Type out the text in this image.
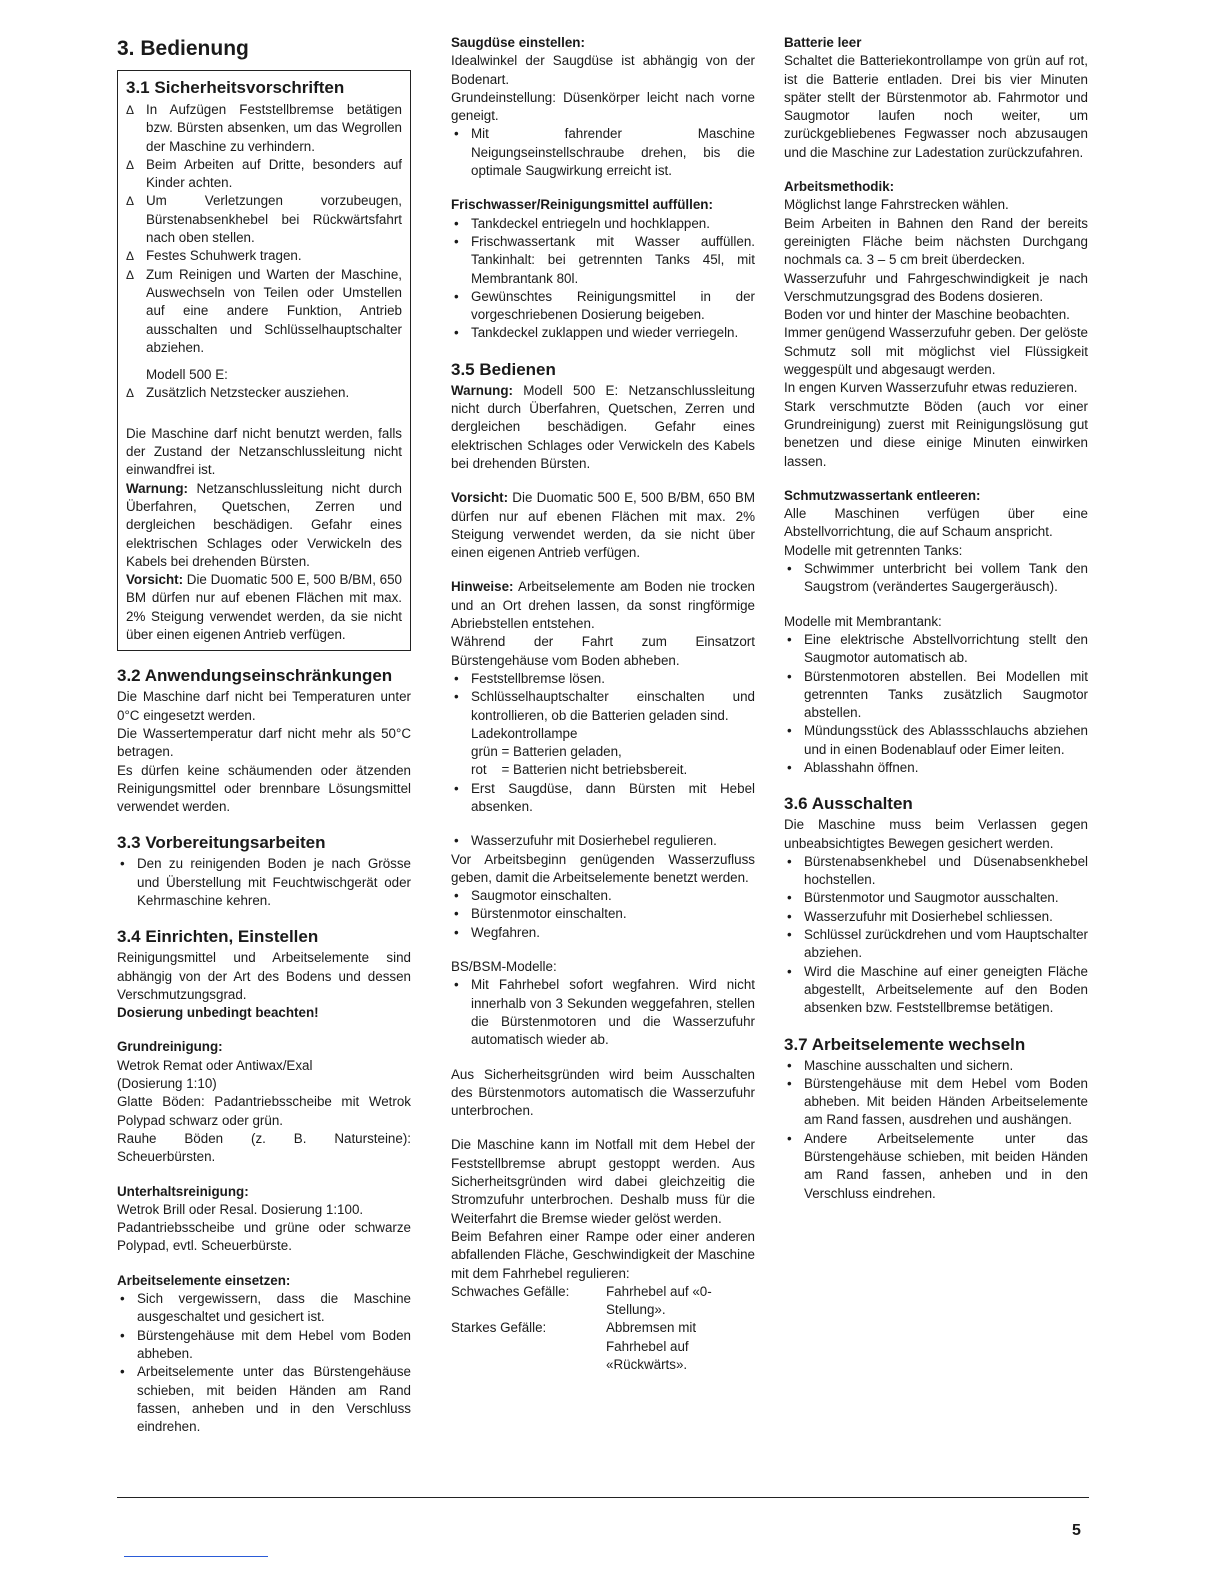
3. Bedienung
3.1 Sicherheitsvorschriften
Δ In Aufzügen Feststellbremse betätigen bzw. Bürsten absenken, um das Wegrollen der Maschine zu verhindern.
Δ Beim Arbeiten auf Dritte, besonders auf Kinder achten.
Δ Um Verletzungen vorzubeugen, Bürstenabsenkhebel bei Rückwärtsfahrt nach oben stellen.
Δ Festes Schuhwerk tragen.
Δ Zum Reinigen und Warten der Maschine, Auswechseln von Teilen oder Umstellen auf eine andere Funktion, Antrieb ausschalten und Schlüsselhauptschalter abziehen.
Modell 500 E:
Δ Zusätzlich Netzstecker ausziehen.

Die Maschine darf nicht benutzt werden, falls der Zustand der Netzanschlussleitung nicht einwandfrei ist.

Warnung: Netzanschlussleitung nicht durch Überfahren, Quetschen, Zerren und dergleichen beschädigen. Gefahr eines elektrischen Schlages oder Verwickeln des Kabels bei drehenden Bürsten.

Vorsicht: Die Duomatic 500 E, 500 B/BM, 650 BM dürfen nur auf ebenen Flächen mit max. 2% Steigung verwendet werden, da sie nicht über einen eigenen Antrieb verfügen.

3.2 Anwendungseinschränkungen

Die Maschine darf nicht bei Temperaturen unter 0°C eingesetzt werden.

Die Wassertemperatur darf nicht mehr als 50°C betragen.

Es dürfen keine schäumenden oder ätzenden Reinigungsmittel oder brennbare Lösungsmittel verwendet werden.

3.3 Vorbereitungsarbeiten
• Den zu reinigenden Boden je nach Grösse und Überstellung mit Feuchtwischgerät oder Kehrmaschine kehren.
3.4 Einrichten, Einstellen

Reinigungsmittel und Arbeitselemente sind abhängig von der Art des Bodens und dessen Verschmutzungsgrad.

Dosierung unbedingt beachten!

Grundreinigung:

Wetrok Remat oder Antiwax/Exal

(Dosierung 1:10)

Glatte Böden: Padantriebsscheibe mit Wetrok Polypad schwarz oder grün.

Rauhe Böden (z. B. Natursteine): Scheuerbürsten.

Unterhaltsreinigung:

Wetrok Brill oder Resal. Dosierung 1:100.

Padantriebsscheibe und grüne oder schwarze Polypad, evtl. Scheuerbürste.

Arbeitselemente einsetzen:
• Sich vergewissern, dass die Maschine ausgeschaltet und gesichert ist.
• Bürstengehäuse mit dem Hebel vom Boden abheben.
• Arbeitselemente unter das Bürstengehäuse schieben, mit beiden Händen am Rand fassen, anheben und in den Verschluss eindrehen.
Saugdüse einstellen:

Idealwinkel der Saugdüse ist abhängig von der Bodenart.

Grundeinstellung: Düsenkörper leicht nach vorne geneigt.

• Mit fahrender Maschine Neigungseinstellschraube drehen, bis die optimale Saugwirkung erreicht ist.
Frischwasser/Reinigungsmittel auffüllen:
• Tankdeckel entriegeln und hochklappen.
• Frischwassertank mit Wasser auffüllen. Tankinhalt: bei getrennten Tanks 45l, mit Membrantank 80l.
• Gewünschtes Reinigungsmittel in der vorgeschriebenen Dosierung beigeben.
• Tankdeckel zuklappen und wieder verriegeln.
3.5 Bedienen

Warnung: Modell 500 E: Netzanschlussleitung nicht durch Überfahren, Quetschen, Zerren und dergleichen beschädigen. Gefahr eines elektrischen Schlages oder Verwickeln des Kabels bei drehenden Bürsten.

Vorsicht: Die Duomatic 500 E, 500 B/BM, 650 BM dürfen nur auf ebenen Flächen mit max. 2% Steigung verwendet werden, da sie nicht über einen eigenen Antrieb verfügen.

Hinweise: Arbeitselemente am Boden nie trocken und an Ort drehen lassen, da sonst ringförmige Abriebstellen entstehen.

Während der Fahrt zum Einsatzort Bürstengehäuse vom Boden abheben.

• Feststellbremse lösen.
• Schlüsselhauptschalter einschalten und kontrollieren, ob die Batterien geladen sind.
Ladekontrollampe
grün = Batterien geladen,
rot    = Batterien nicht betriebsbereit.
• Erst Saugdüse, dann Bürsten mit Hebel absenken.
• Wasserzufuhr mit Dosierhebel regulieren.

Vor Arbeitsbeginn genügenden Wasserzufluss geben, damit die Arbeitselemente benetzt werden.

• Saugmotor einschalten.
• Bürstenmotor einschalten.
• Wegfahren.

BS/BSM-Modelle:

• Mit Fahrhebel sofort wegfahren. Wird nicht innerhalb von 3 Sekunden weggefahren, stellen die Bürstenmotoren und die Wasserzufuhr automatisch wieder ab.

Aus Sicherheitsgründen wird beim Ausschalten des Bürstenmotors automatisch die Wasserzufuhr unterbrochen.

Die Maschine kann im Notfall mit dem Hebel der Feststellbremse abrupt gestoppt werden. Aus Sicherheitsgründen wird dabei gleichzeitig die Stromzufuhr unterbrochen. Deshalb muss für die Weiterfahrt die Bremse wieder gelöst werden.

Beim Befahren einer Rampe oder einer anderen abfallenden Fläche, Geschwindigkeit der Maschine mit dem Fahrhebel regulieren:

Schwaches Gefälle:	Fahrhebel auf «0-Stellung».
Starkes Gefälle:	Abbremsen mit Fahrhebel auf «Rückwärts».
Batterie leer

Schaltet die Batteriekontrollampe von grün auf rot, ist die Batterie entladen. Drei bis vier Minuten später stellt der Bürstenmotor ab. Fahrmotor und Saugmotor laufen noch weiter, um zurückgebliebenes Fegwasser noch abzusaugen und die Maschine zur Ladestation zurückzufahren.

Arbeitsmethodik:

Möglichst lange Fahrstrecken wählen.

Beim Arbeiten in Bahnen den Rand der bereits gereinigten Fläche beim nächsten Durchgang nochmals ca. 3 – 5 cm breit überdecken.

Wasserzufuhr und Fahrgeschwindigkeit je nach Verschmutzungsgrad des Bodens dosieren.

Boden vor und hinter der Maschine beobachten.

Immer genügend Wasserzufuhr geben. Der gelöste Schmutz soll mit möglichst viel Flüssigkeit weggespült und abgesaugt werden.

In engen Kurven Wasserzufuhr etwas reduzieren.

Stark verschmutzte Böden (auch vor einer Grundreinigung) zuerst mit Reinigungslösung gut benetzen und diese einige Minuten einwirken lassen.

Schmutzwassertank entleeren:

Alle Maschinen verfügen über eine Abstellvorrichtung, die auf Schaum anspricht.

Modelle mit getrennten Tanks:

• Schwimmer unterbricht bei vollem Tank den Saugstrom (verändertes Saugergeräusch).

Modelle mit Membrantank:

• Eine elektrische Abstellvorrichtung stellt den Saugmotor automatisch ab.
• Bürstenmotoren abstellen. Bei Modellen mit getrennten Tanks zusätzlich Saugmotor abstellen.
• Mündungsstück des Ablassschlauchs abziehen und in einen Bodenablauf oder Eimer leiten.
• Ablasshahn öffnen.
3.6 Ausschalten

Die Maschine muss beim Verlassen gegen unbeabsichtigtes Bewegen gesichert werden.

• Bürstenabsenkhebel und Düsenabsenkhebel hochstellen.
• Bürstenmotor und Saugmotor ausschalten.
• Wasserzufuhr mit Dosierhebel schliessen.
• Schlüssel zurückdrehen und vom Hauptschalter abziehen.
• Wird die Maschine auf einer geneigten Fläche abgestellt, Arbeitselemente auf den Boden absenken bzw. Feststellbremse betätigen.
3.7 Arbeitselemente wechseln
• Maschine ausschalten und sichern.
• Bürstengehäuse mit dem Hebel vom Boden abheben. Mit beiden Händen Arbeitselemente am Rand fassen, ausdrehen und aushängen.
• Andere Arbeitselemente unter das Bürstengehäuse schieben, mit beiden Händen am Rand fassen, anheben und in den Verschluss eindrehen.
5
